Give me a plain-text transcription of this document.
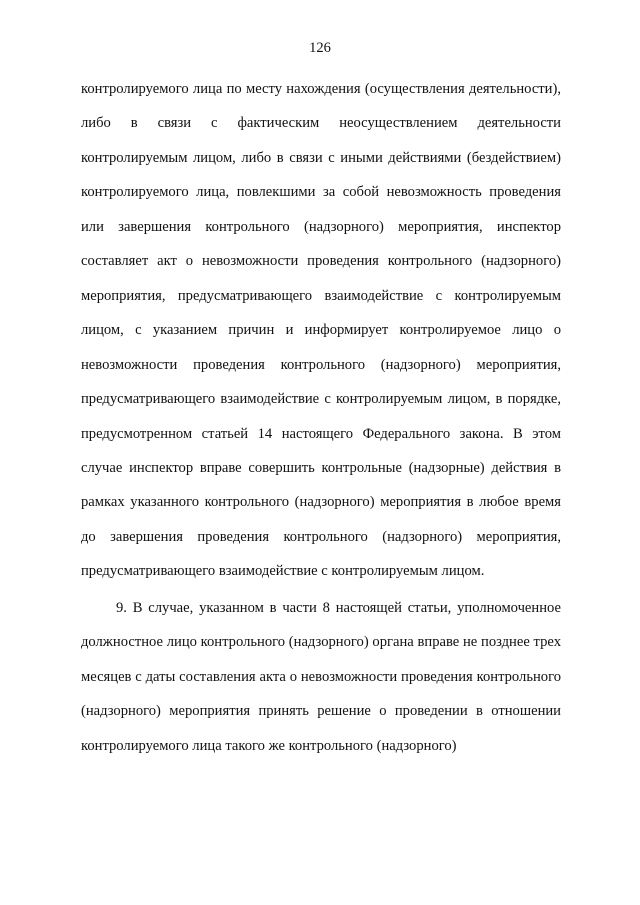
126

контролируемого лица по месту нахождения (осуществления деятельности), либо в связи с фактическим неосуществлением деятельности контролируемым лицом, либо в связи с иными действиями (бездействием) контролируемого лица, повлекшими за собой невозможность проведения или завершения контрольного (надзорного) мероприятия, инспектор составляет акт о невозможности проведения контрольного (надзорного) мероприятия, предусматривающего взаимодействие с контролируемым лицом, с указанием причин и информирует контролируемое лицо о невозможности проведения контрольного (надзорного) мероприятия, предусматривающего взаимодействие с контролируемым лицом, в порядке, предусмотренном статьей 14 настоящего Федерального закона. В этом случае инспектор вправе совершить контрольные (надзорные) действия в рамках указанного контрольного (надзорного) мероприятия в любое время до завершения проведения контрольного (надзорного) мероприятия, предусматривающего взаимодействие с контролируемым лицом.

9. В случае, указанном в части 8 настоящей статьи, уполномоченное должностное лицо контрольного (надзорного) органа вправе не позднее трех месяцев с даты составления акта о невозможности проведения контрольного (надзорного) мероприятия принять решение о проведении в отношении контролируемого лица такого же контрольного (надзорного)
